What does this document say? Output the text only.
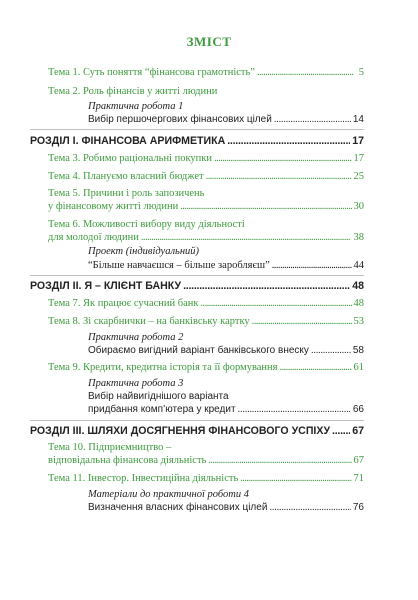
ЗМІСТ
Тема 1. Суть поняття “фінансова грамотність” . . .	5
Тема 2. Роль фінансів у житті людини
Практична робота 1
Вибір першочергових фінансових цілей . . .	14
РОЗДІЛ І. ФІНАНСОВА АРИФМЕТИКА . . .	17
Тема 3. Робимо раціональні покупки . . .	17
Тема 4. Плануємо власний бюджет . . .	25
Тема 5. Причини і роль запозичень
у фінансовому житті людини . . .	30
Тема 6. Можливості вибору виду діяльності
для молодої людини . . .	38
Проект (індивідуальний)
“Більше навчаєшся – більше заробляєш” . . .	44
РОЗДІЛ ІІ. Я – КЛІЄНТ БАНКУ . . .	48
Тема 7. Як працює сучасний банк . . .	48
Тема 8. Зі скарбнички – на банківську картку . . .	53
Практична робота 2
Обираємо вигідний варіант банківського внеску . . .	58
Тема 9. Кредити, кредитна історія та її формування . . .	61
Практична робота 3
Вибір найвигіднішого варіанта
придбання комп’ютера у кредит . . .	66
РОЗДІЛ ІІІ. ШЛЯХИ ДОСЯГНЕННЯ ФІНАНСОВОГО УСПІХУ . . . 67
Тема 10. Підприємництво –
відповідальна фінансова діяльність . . .	67
Тема 11. Інвестор. Інвестиційна діяльність . . .	71
Матеріали до практичної роботи 4
Визначення власних фінансових цілей . . .	76
